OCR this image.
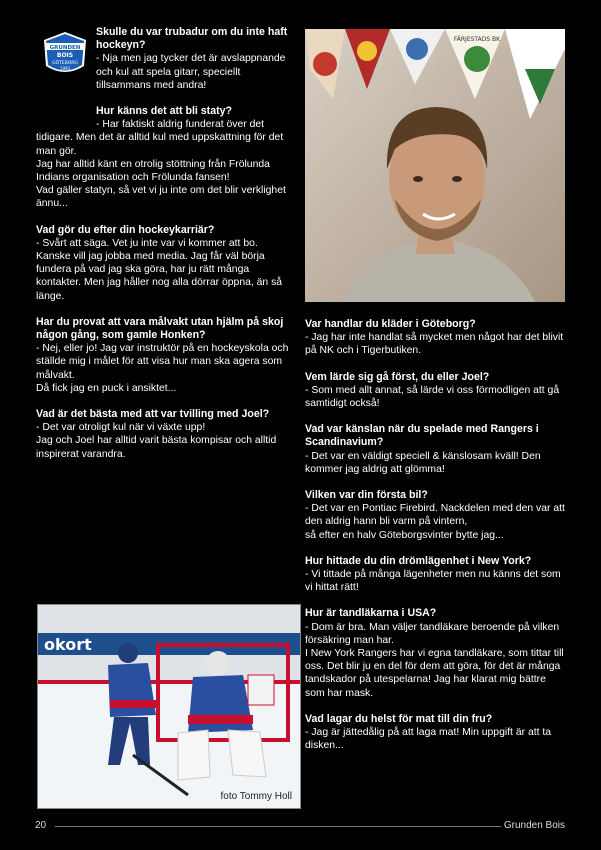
GRUNDEN
BOIS
GÖTEBORG
1993
Skulle du var trubadur om du inte haft hockeyn?
- Nja men jag tycker det är avslappnande och kul att spela gitarr, speciellt tillsammans med andra!
Hur känns det att bli staty?
- Har faktiskt aldrig funderat över det
tidigare. Men det är alltid kul med uppskattning för det man gör.
Jag har alltid känt en otrolig stöttning från Frölunda Indians organisation och Frölunda fansen!
Vad gäller statyn, så vet vi ju inte om det blir verklighet ännu...
Vad gör du efter din hockeykarriär?
- Svårt att säga. Vet ju inte var vi kommer att bo. Kanske vill jag jobba med media. Jag får väl börja fundera på vad jag ska göra, har ju rätt många kontakter. Men jag håller nog alla dörrar öppna, än så länge.
Har du provat att vara målvakt utan hjälm på skoj någon gång, som gamle Honken?
- Nej, eller jo! Jag var instruktör på en hockeyskola och ställde mig i målet för att visa hur man ska agera som målvakt.
Då fick jag en puck i ansiktet...
Vad är det bästa med att var tvilling med Joel?
- Det var otroligt kul när vi växte upp!
Jag och Joel har alltid varit bästa kompisar och alltid inspirerat varandra.
FÄRJESTADS BK
Var handlar du kläder i Göteborg?
- Jag har inte handlat så mycket men något har det blivit på NK och i Tigerbutiken.
Vem lärde sig gå först, du eller Joel?
- Som med allt annat, så lärde vi oss förmodligen att gå samtidigt också!
Vad var känslan när du spelade med Rangers i Scandinavium?
- Det var en väldigt speciell & känslosam kväll! Den kommer jag aldrig att glömma!
Vilken var din första bil?
- Det var en Pontiac Firebird. Nackdelen med den var att den aldrig hann bli varm på vintern,
så efter en halv Göteborgsvinter bytte jag...
Hur hittade du din drömlägenhet i New York?
- Vi tittade på många lägenheter men nu känns det som vi hittat rätt!
Hur är tandläkarna i USA?
- Dom är bra. Man väljer tandläkare beroende på vilken försäkring man har.
I New York Rangers har vi egna tandläkare, som tittar till oss. Det blir ju en del för dem att göra, för det är många tandskador på utespelarna! Jag har klarat mig bättre som har mask.
Vad lagar du helst för mat till din fru?
- Jag är jättedålig på att laga mat! Min uppgift är att ta disken...
okort
foto Tommy Holl
20	Grunden Bois
